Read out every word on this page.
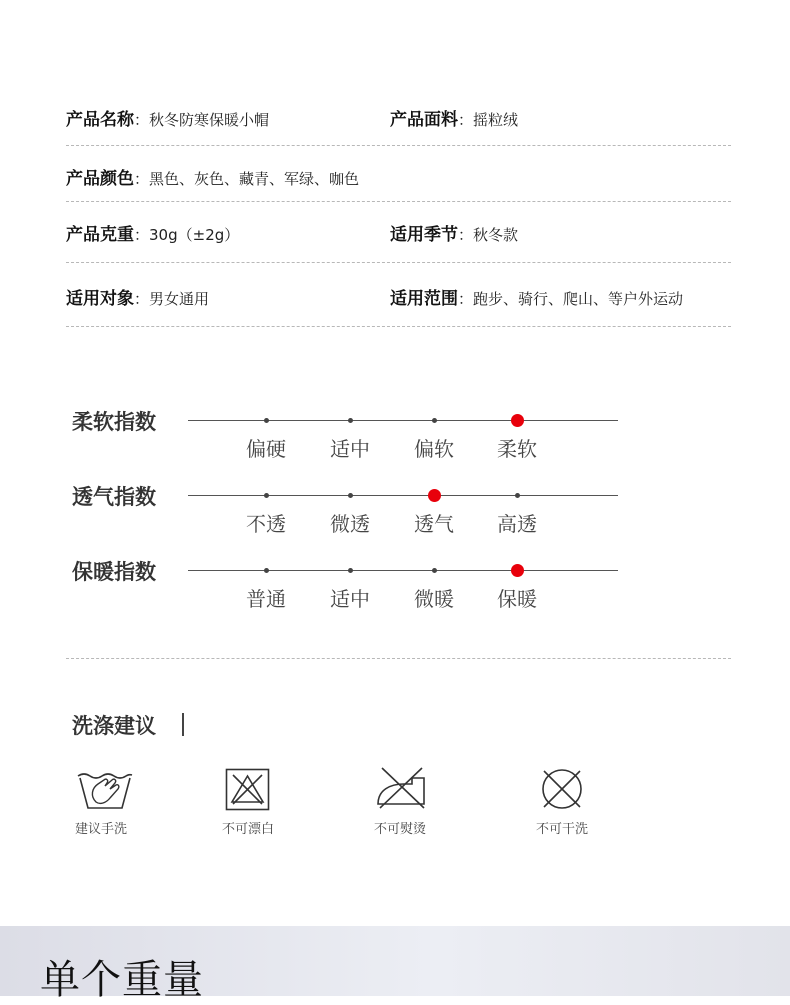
产品名称：秋冬防寒保暖小帽	产品面料：摇粒绒
产品颜色：黑色、灰色、藏青、军绿、咖色
产品克重：30g（±2g）	适用季节：秋冬款
适用对象：男女通用	适用范围：跑步、骑行、爬山、等户外运动
柔软指数
偏硬 适中 偏软 柔软
透气指数
不透 微透 透气 高透
保暖指数
普通 适中 微暖 保暖
洗涤建议
建议手洗	不可漂白	不可熨烫	不可干洗
单个重量
